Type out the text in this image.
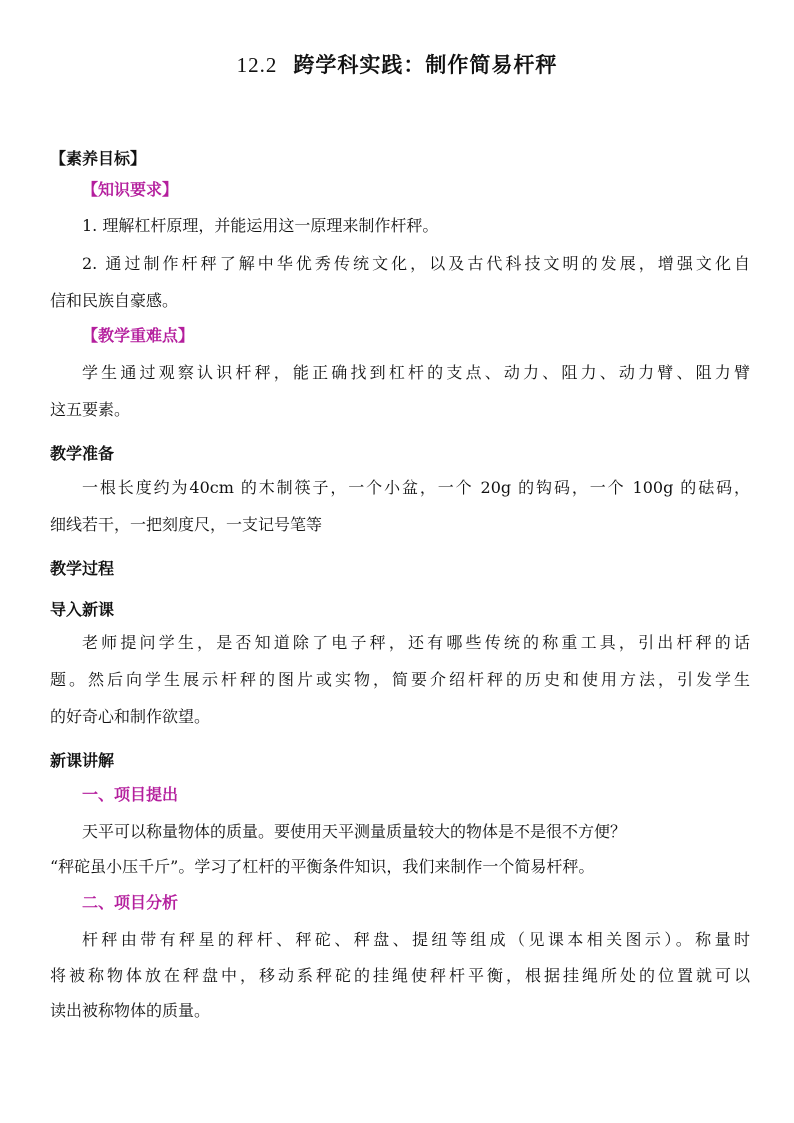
12.2 跨学科实践：制作简易杆秤
【素养目标】
【知识要求】
1. 理解杠杆原理，并能运用这一原理来制作杆秤。
2. 通过制作杆秤了解中华优秀传统文化，以及古代科技文明的发展，增强文化自
信和民族自豪感。
【教学重难点】
学生通过观察认识杆秤，能正确找到杠杆的支点、动力、阻力、动力臂、阻力臂
这五要素。
教学准备
一根长度约为40cm 的木制筷子，一个小盆，一个 20g 的钩码，一个 100g 的砝码，
细线若干，一把刻度尺，一支记号笔等
教学过程
导入新课
老师提问学生，是否知道除了电子秤，还有哪些传统的称重工具，引出杆秤的话
题。然后向学生展示杆秤的图片或实物，简要介绍杆秤的历史和使用方法，引发学生
的好奇心和制作欲望。
新课讲解
一、项目提出
天平可以称量物体的质量。要使用天平测量质量较大的物体是不是很不方便？
“秤砣虽小压千斤”。学习了杠杆的平衡条件知识，我们来制作一个简易杆秤。
二、项目分析
杆秤由带有秤星的秤杆、秤砣、秤盘、提纽等组成（见课本相关图示）。称量时
将被称物体放在秤盘中，移动系秤砣的挂绳使秤杆平衡，根据挂绳所处的位置就可以
读出被称物体的质量。
